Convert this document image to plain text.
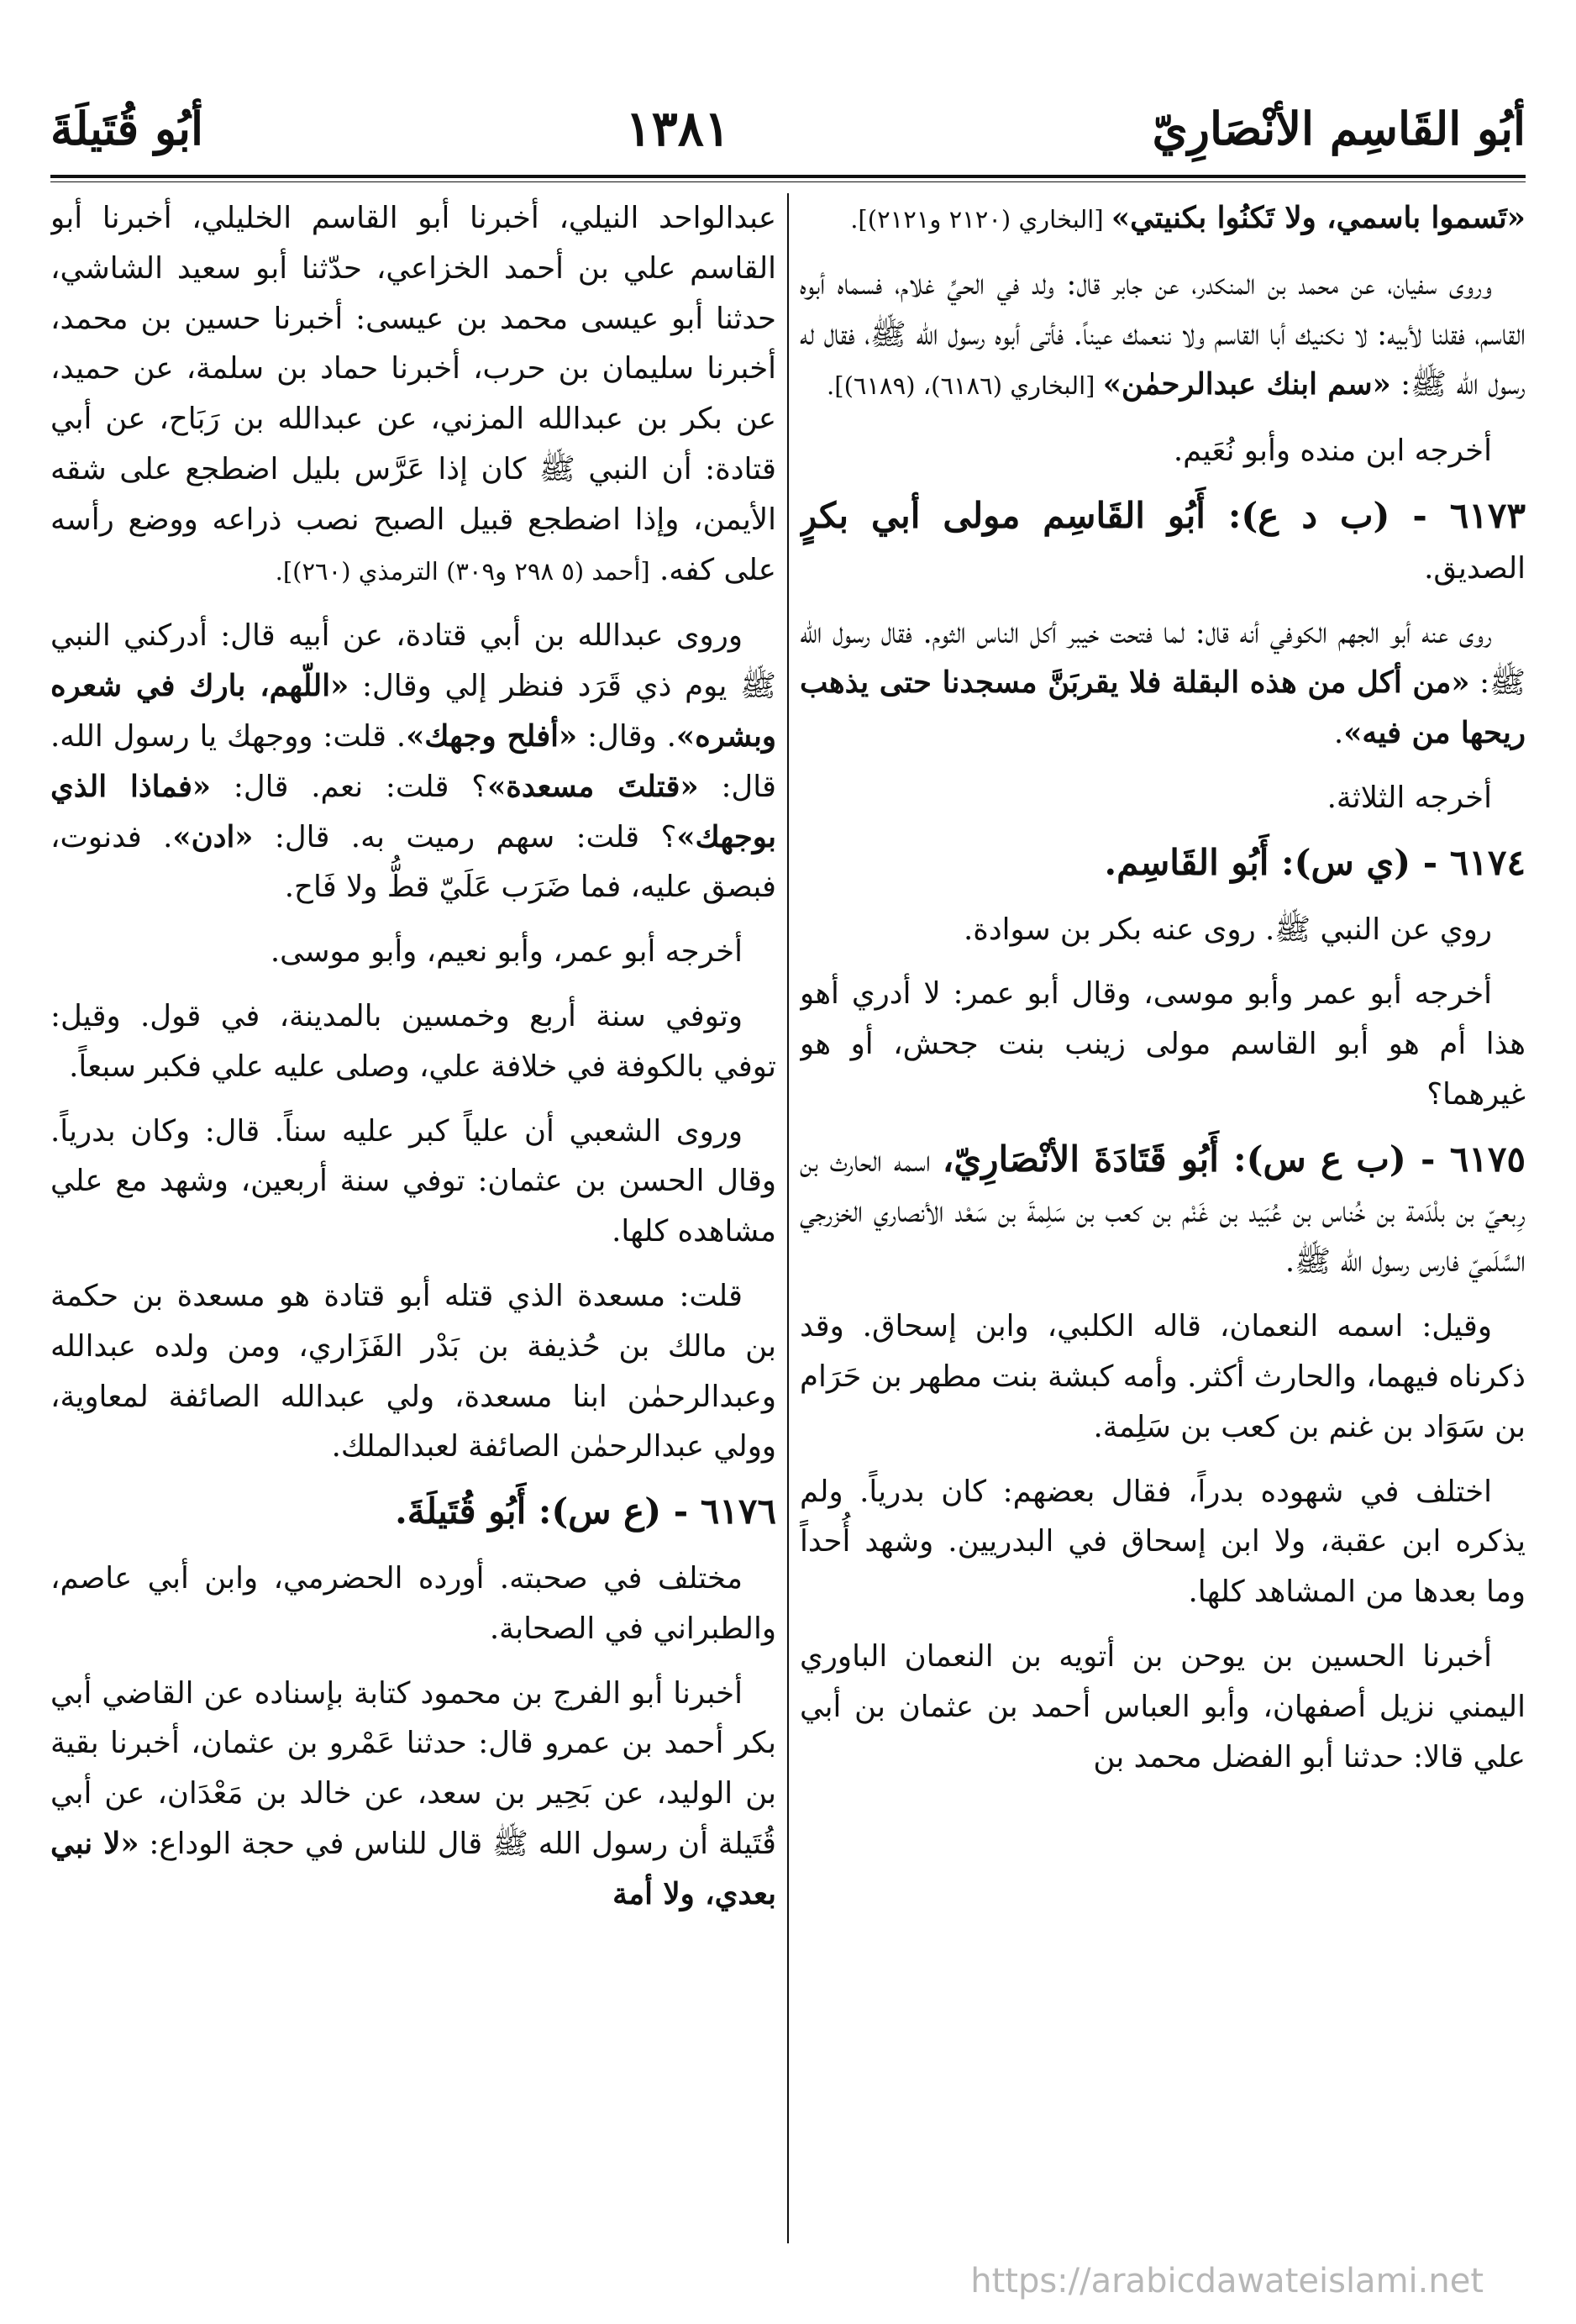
أبُو القَاسِم الأنْصَارِيّ
١٣٨١
أبُو قُتَيلَةَ

«تَسموا باسمي، ولا تَكنُوا بكنيتي» [البخاري (٢١٢٠ و٢١٢١)].

وروى سفيان، عن محمد بن المنكدر، عن جابر قال: ولد في الحيِّ غلام، فسماه أبوه القاسم، فقلنا لأبيه: لا نكنيك أبا القاسم ولا ننعمك عيناً. فأتى أبوه رسول الله ﷺ، فقال له رسول الله ﷺ: «سم ابنك عبدالرحمٰن» [البخاري (٦١٨٦)، (٦١٨٩)].

أخرجه ابن منده وأبو نُعَيم.

٦١٧٣ - (ب د ع): أَبُو القَاسِم مولى أبي بكرٍ الصديق.

روى عنه أبو الجهم الكوفي أنه قال: لما فتحت خيبر أكل الناس الثوم. فقال رسول الله ﷺ: «من أكل من هذه البقلة فلا يقربَنَّ مسجدنا حتى يذهب ريحها من فيه».

أخرجه الثلاثة.

٦١٧٤ - (ي س): أَبُو القَاسِم.

روي عن النبي ﷺ. روى عنه بكر بن سوادة.

أخرجه أبو عمر وأبو موسى، وقال أبو عمر: لا أدري أهو هذا أم هو أبو القاسم مولى زينب بنت جحش، أو هو غيرهما؟

٦١٧٥ - (ب ع س): أَبُو قَتَادَةَ الأنْصَارِيّ، اسمه الحارث بن رِبعيّ بن بلْدَمة بن خُناس بن عُبَيد بن غَنْم بن كعب بن سَلِمةَ بن سَعْد الأنصاري الخزرجي السَّلَميّ فارس رسول الله ﷺ.

وقيل: اسمه النعمان، قاله الكلبي، وابن إسحاق. وقد ذكرناه فيهما، والحارث أكثر. وأمه كبشة بنت مطهر بن حَرَام بن سَوَاد بن غنم بن كعب بن سَلِمة.

اختلف في شهوده بدراً، فقال بعضهم: كان بدرياً. ولم يذكره ابن عقبة، ولا ابن إسحاق في البدريين. وشهد أُحداً وما بعدها من المشاهد كلها.

أخبرنا الحسين بن يوحن بن أتويه بن النعمان الباوري اليمني نزيل أصفهان، وأبو العباس أحمد بن عثمان بن أبي علي قالا: حدثنا أبو الفضل محمد بن

عبدالواحد النيلي، أخبرنا أبو القاسم الخليلي، أخبرنا أبو القاسم علي بن أحمد الخزاعي، حدّثنا أبو سعيد الشاشي، حدثنا أبو عيسى محمد بن عيسى: أخبرنا حسين بن محمد، أخبرنا سليمان بن حرب، أخبرنا حماد بن سلمة، عن حميد، عن بكر بن عبدالله المزني، عن عبدالله بن رَبَاح، عن أبي قتادة: أن النبي ﷺ كان إذا عَرَّس بليل اضطجع على شقه الأيمن، وإذا اضطجع قبيل الصبح نصب ذراعه ووضع رأسه على كفه. [أحمد (٥ ٢٩٨ و٣٠٩) الترمذي (٢٦٠)].

وروى عبدالله بن أبي قتادة، عن أبيه قال: أدركني النبي ﷺ يوم ذي قَرَد فنظر إلي وقال: «اللّهم، بارك في شعره وبشره». وقال: «أفلح وجهك». قلت: ووجهك يا رسول الله. قال: «قتلتَ مسعدة»؟ قلت: نعم. قال: «فماذا الذي بوجهك»؟ قلت: سهم رميت به. قال: «ادن». فدنوت، فبصق عليه، فما ضَرَب عَلَيّ قطُّ ولا فَاح.

أخرجه أبو عمر، وأبو نعيم، وأبو موسى.

وتوفي سنة أربع وخمسين بالمدينة، في قول. وقيل: توفي بالكوفة في خلافة علي، وصلى عليه علي فكبر سبعاً.

وروى الشعبي أن علياً كبر عليه سناً. قال: وكان بدرياً. وقال الحسن بن عثمان: توفي سنة أربعين، وشهد مع علي مشاهده كلها.

قلت: مسعدة الذي قتله أبو قتادة هو مسعدة بن حكمة بن مالك بن حُذيفة بن بَدْر الفَزَاري، ومن ولده عبدالله وعبدالرحمٰن ابنا مسعدة، ولي عبدالله الصائفة لمعاوية، وولي عبدالرحمٰن الصائفة لعبدالملك.

٦١٧٦ - (ع س): أَبُو قُتَيلَةَ.

مختلف في صحبته. أورده الحضرمي، وابن أبي عاصم، والطبراني في الصحابة.

أخبرنا أبو الفرج بن محمود كتابة بإسناده عن القاضي أبي بكر أحمد بن عمرو قال: حدثنا عَمْرو بن عثمان، أخبرنا بقية بن الوليد، عن بَحِير بن سعد، عن خالد بن مَعْدَان، عن أبي قُتَيلة أن رسول الله ﷺ قال للناس في حجة الوداع: «لا نبي بعدي، ولا أمة

https://arabicdawateislami.net
